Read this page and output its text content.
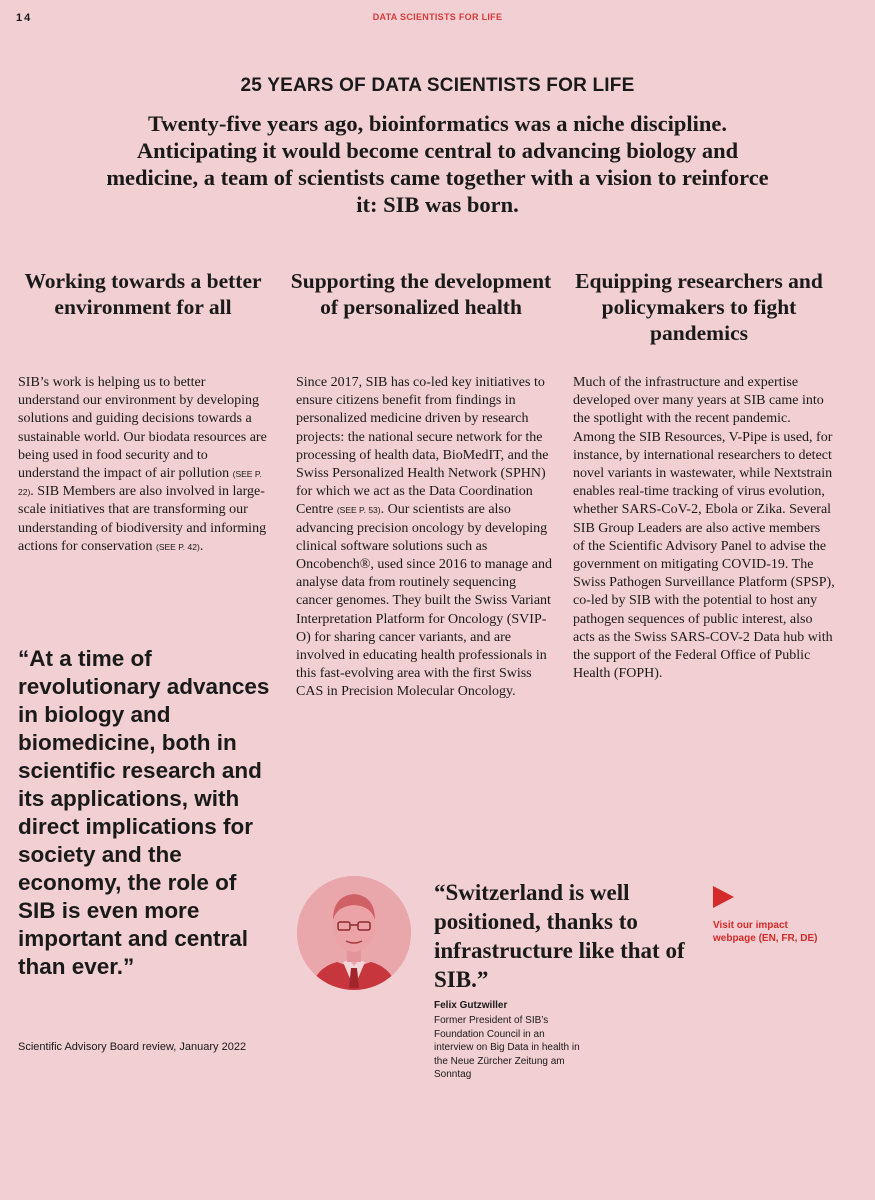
14	DATA SCIENTISTS FOR LIFE
25 YEARS OF DATA SCIENTISTS FOR LIFE
Twenty-five years ago, bioinformatics was a niche discipline. Anticipating it would become central to advancing biology and medicine, a team of scientists came together with a vision to reinforce it: SIB was born.
Working towards a better environment for all
SIB’s work is helping us to better understand our environment by developing solutions and guiding decisions towards a sustainable world. Our biodata resources are being used in food security and to understand the impact of air pollution (SEE P. 22). SIB Members are also involved in large-scale initiatives that are transforming our understanding of biodiversity and informing actions for conservation (SEE P. 42).
Supporting the development of personalized health
Since 2017, SIB has co-led key initiatives to ensure citizens benefit from findings in personalized medicine driven by research projects: the national secure network for the processing of health data, BioMedIT, and the Swiss Personalized Health Network (SPHN) for which we act as the Data Coordination Centre (SEE P. 53). Our scientists are also advancing precision oncology by developing clinical software solutions such as Oncobench®, used since 2016 to manage and analyse data from routinely sequencing cancer genomes. They built the Swiss Variant Interpretation Platform for Oncology (SVIP-O) for sharing cancer variants, and are involved in educating health professionals in this fast-evolving area with the first Swiss CAS in Precision Molecular Oncology.
Equipping researchers and policymakers to fight pandemics
Much of the infrastructure and expertise developed over many years at SIB came into the spotlight with the recent pandemic. Among the SIB Resources, V-Pipe is used, for instance, by international researchers to detect novel variants in wastewater, while Nextstrain enables real-time tracking of virus evolution, whether SARS-CoV-2, Ebola or Zika. Several SIB Group Leaders are also active members of the Scientific Advisory Panel to advise the government on mitigating COVID-19. The Swiss Pathogen Surveillance Platform (SPSP), co-led by SIB with the potential to host any pathogen sequences of public interest, also acts as the Swiss SARS-COV-2 Data hub with the support of the Federal Office of Public Health (FOPH).
“At a time of revolutionary advances in biology and biomedicine, both in scientific research and its applications, with direct implications for society and the economy, the role of SIB is even more important and central than ever.”
Scientific Advisory Board review, January 2022
“Switzerland is well positioned, thanks to infrastructure like that of SIB.”
Felix Gutzwiller
Former President of SIB’s Foundation Council in an interview on Big Data in health in the Neue Zürcher Zeitung am Sonntag
Visit our impact webpage (EN, FR, DE)
